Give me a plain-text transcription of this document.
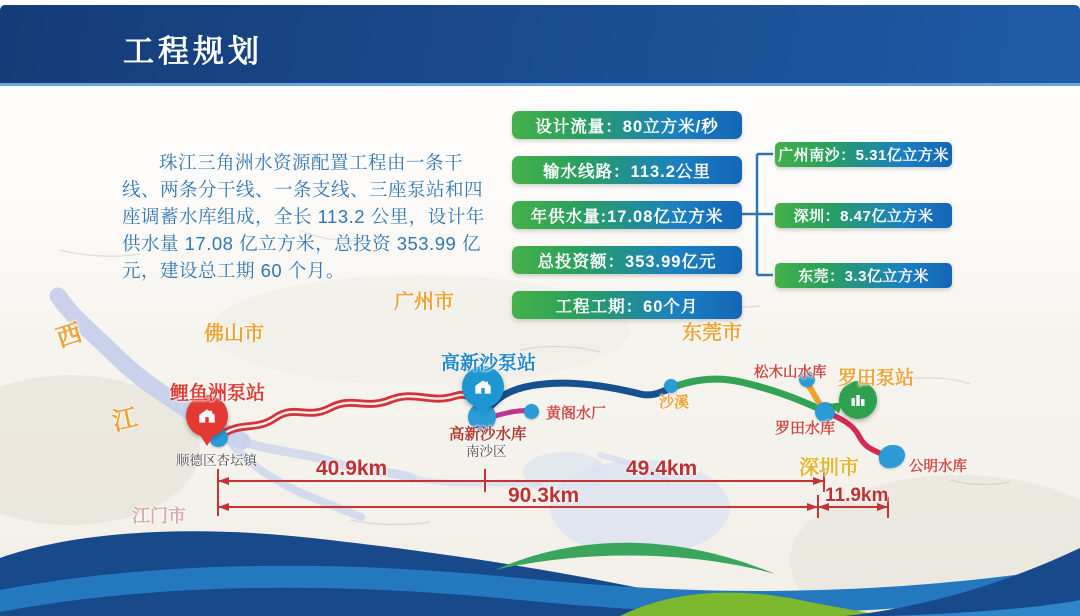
工程规划
珠江三角洲水资源配置工程由一条干线、两条分干线、一条支线、三座泵站和四座调蓄水库组成，全长 113.2 公里，设计年供水量 17.08 亿立方米，总投资 353.99 亿元，建设总工期 60 个月。
设计流量：80立方米/秒
输水线路：113.2公里
年供水量:17.08亿立方米
总投资额：353.99亿元
工程工期：60个月
广州南沙：5.31亿立方米
深圳：8.47亿立方米
东莞：3.3亿立方米
西
江
佛山市
广州市
东莞市
深圳市
江门市
鲤鱼洲泵站
顺德区杏坛镇
高新沙泵站
高新沙水库
南沙区
黄阁水厂
沙溪
松木山水库 罗田泵站
罗田水库
公明水库
40.9km	49.4km
90.3km	11.9km
